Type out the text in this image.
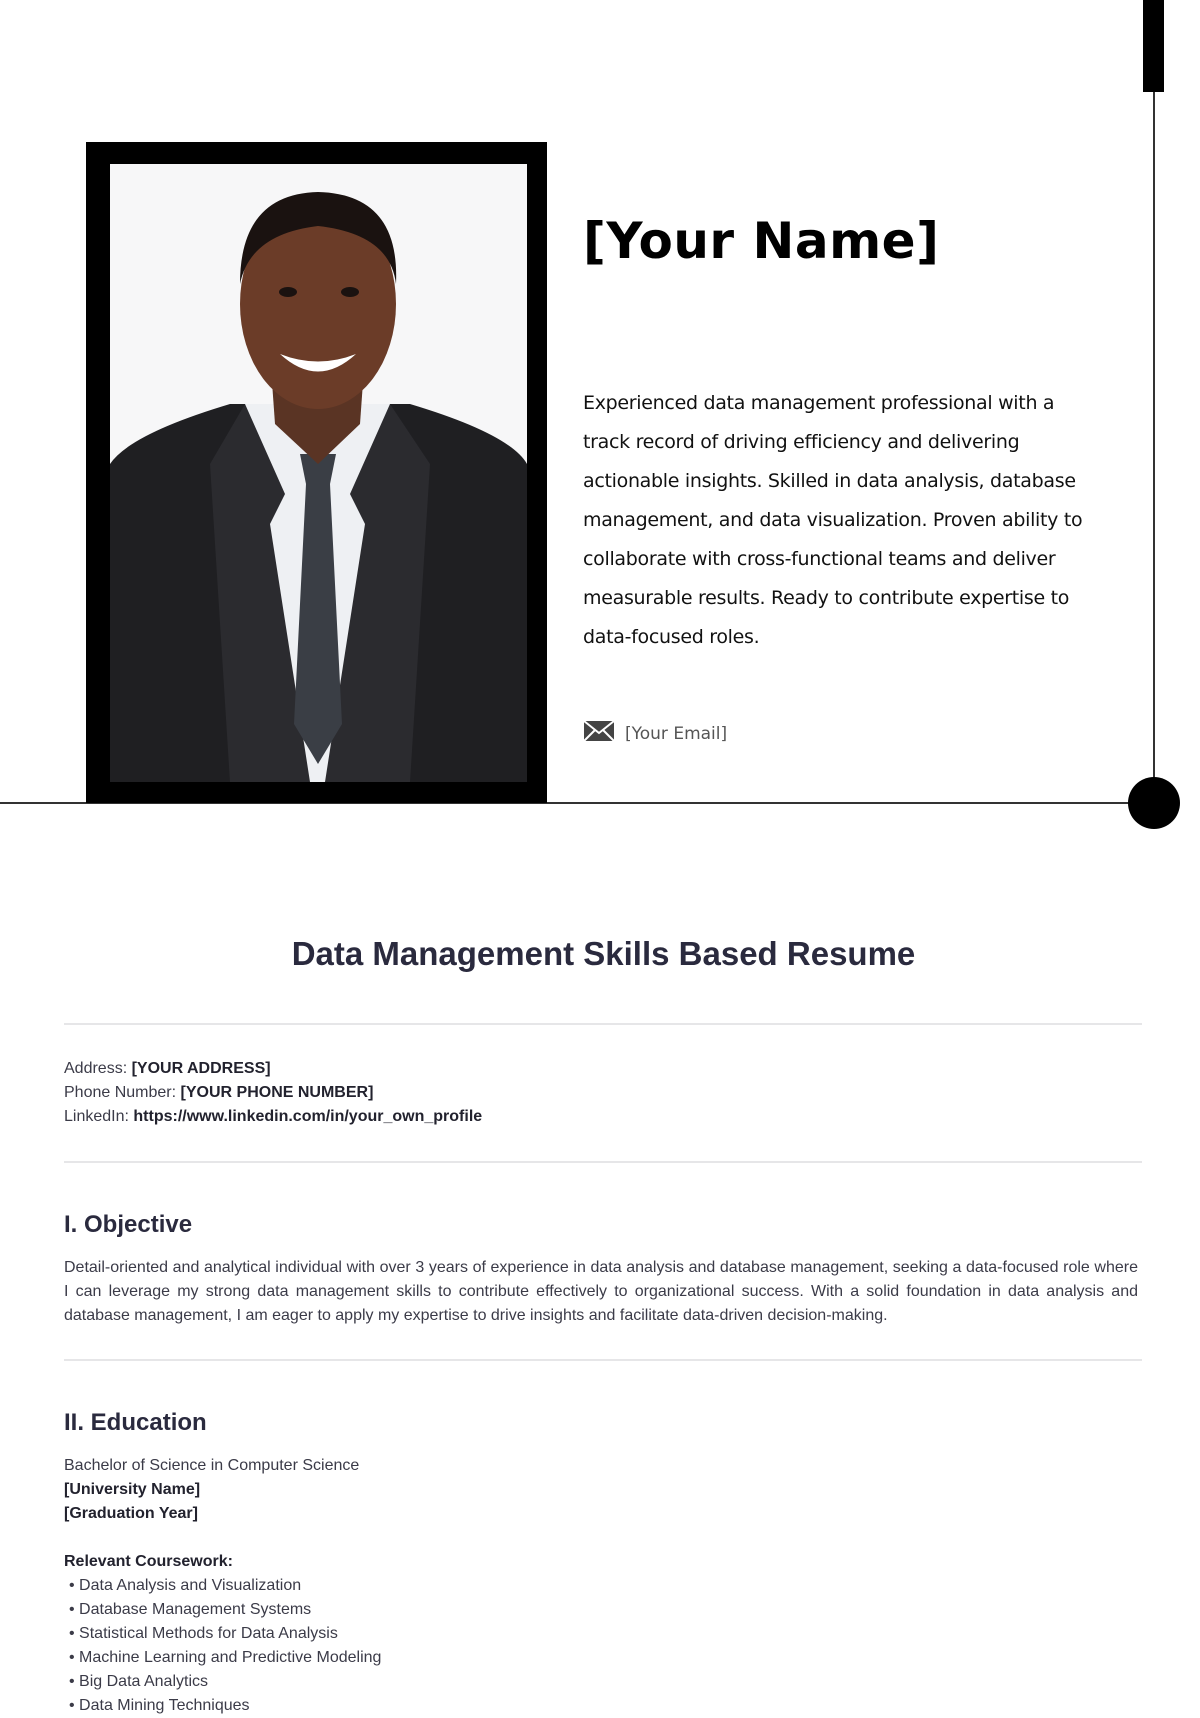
[Your Name]
Experienced data management professional with a track record of driving efficiency and delivering actionable insights. Skilled in data analysis, database management, and data visualization. Proven ability to collaborate with cross-functional teams and deliver measurable results. Ready to contribute expertise to data-focused roles.
[Your Email]
Data Management Skills Based Resume
Address: [YOUR ADDRESS]
Phone Number: [YOUR PHONE NUMBER]
LinkedIn: https://www.linkedin.com/in/your_own_profile
I. Objective
Detail-oriented and analytical individual with over 3 years of experience in data analysis and database management, seeking a data-focused role where I can leverage my strong data management skills to contribute effectively to organizational success. With a solid foundation in data analysis and database management, I am eager to apply my expertise to drive insights and facilitate data-driven decision-making.
II. Education
Bachelor of Science in Computer Science
[University Name]
[Graduation Year]
Relevant Coursework:
• Data Analysis and Visualization
• Database Management Systems
• Statistical Methods for Data Analysis
• Machine Learning and Predictive Modeling
• Big Data Analytics
• Data Mining Techniques
